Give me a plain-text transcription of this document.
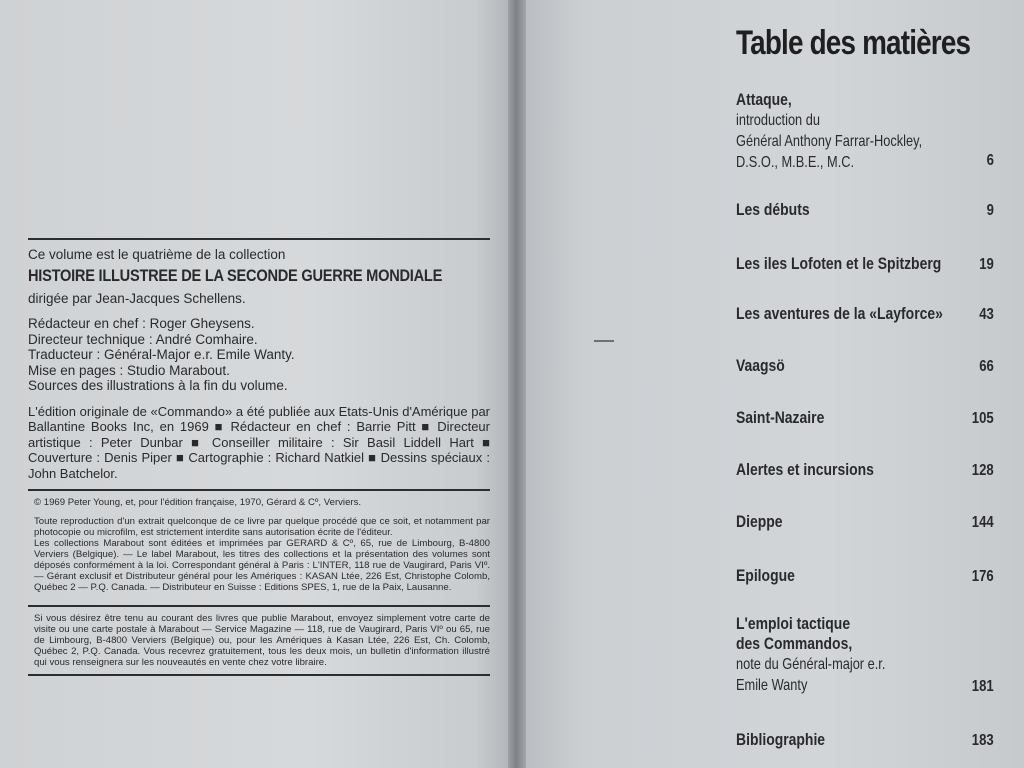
Ce volume est le quatrième de la collection
HISTOIRE ILLUSTREE DE LA SECONDE GUERRE MONDIALE
dirigée par Jean-Jacques Schellens.
Rédacteur en chef : Roger Gheysens.
Directeur technique : André Comhaire.
Traducteur : Général-Major e.r. Emile Wanty.
Mise en pages : Studio Marabout.
Sources des illustrations à la fin du volume.
L'édition originale de «Commando» a été publiée aux Etats-Unis d'Amérique par Ballantine Books Inc, en 1969 ■ Rédacteur en chef : Barrie Pitt ■ Directeur artistique : Peter Dunbar ■ Conseiller militaire : Sir Basil Liddell Hart ■ Couverture : Denis Piper ■ Cartographie : Richard Natkiel ■ Dessins spéciaux : John Batchelor.

© 1969 Peter Young, et, pour l'édition française, 1970, Gérard & Cº, Verviers.

Toute reproduction d'un extrait quelconque de ce livre par quelque procédé que ce soit, et notamment par photocopie ou microfilm, est strictement interdite sans autorisation écrite de l'éditeur.

Les collections Marabout sont éditées et imprimées par GERARD & Cº, 65, rue de Limbourg, B-4800 Verviers (Belgique). — Le label Marabout, les titres des collections et la présentation des volumes sont déposés conformément à la loi. Correspondant général à Paris : L'INTER, 118 rue de Vaugirard, Paris VIº. — Gérant exclusif et Distributeur général pour les Amériques : KASAN Ltée, 226 Est, Christophe Colomb, Québec 2 — P.Q. Canada. — Distributeur en Suisse : Editions SPES, 1, rue de la Paix, Lausanne.

Si vous désirez être tenu au courant des livres que publie Marabout, envoyez simplement votre carte de visite ou une carte postale à Marabout — Service Magazine — 118, rue de Vaugirard, Paris VIº ou 65, rue de Limbourg, B-4800 Verviers (Belgique) ou, pour les Amériques à Kasan Ltée, 226 Est, Ch. Colomb, Québec 2, P.Q. Canada. Vous recevrez gratuitement, tous les deux mois, un bulletin d'information illustré qui vous renseignera sur les nouveautés en vente chez votre libraire.

Table des matières
Attaque,
introduction du
Général Anthony Farrar-Hockley,
D.S.O., M.B.E., M.C.	6
Les débuts	9
Les iles Lofoten et le Spitzberg 19
Les aventures de la «Layforce» 43
Vaagsö	66
Saint-Nazaire	105
Alertes et incursions	128
Dieppe	144
Epilogue	176
L'emploi tactique
des Commandos,
note du Général-major e.r.
Emile Wanty	181
Bibliographie	183
